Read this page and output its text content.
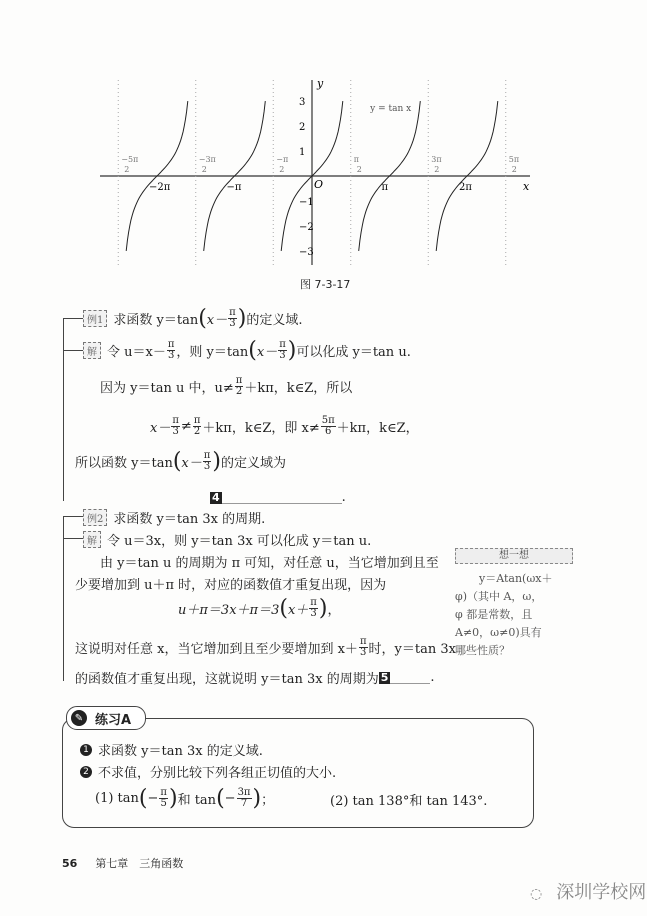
x
y
O
y = tan x
−2π	−π	π	2π
3
2
1
−1
−2
−3
−5π
2
−3π
2
−π
2
π
2
3π
2
5π
2
图 7-3-17
例1 求函数 y＝tan ( $x- \frac{\pi}{3}$ ) 的定义域.
解 令 $u=x- \frac{\pi}{3}$ ，则 y＝tan ( $x- \frac{\pi}{3}$ ) 可以化成 y＝tan u.
因为 y＝tan u 中，$u\ne \frac{\pi}{2} +k\pi$，k∈Z，所以
$x- \frac{\pi}{3} \ne \frac{\pi}{2} +k\pi$，k∈Z，即 $x\ne \frac{5\pi}{6} +k\pi$，k∈Z，
所以函数 y＝tan ( $x- \frac{\pi}{3}$ ) 的定义域为
4	.
例2 求函数 y＝tan 3x 的周期.
解 令 u＝3x，则 y＝tan 3x 可以化成 y＝tan u.
由 y＝tan u 的周期为 π 可知，对任意 u，当它增加到且至
少要增加到 u＋π 时，对应的函数值才重复出现，因为
u＋π＝3x＋π＝3 ( $x+ \frac{\pi}{3}$ ) ，
这说明对任意 x，当它增加到且至少要增加到 $x+ \frac{\pi}{3}$ 时，y＝tan 3x
的函数值才重复出现，这就说明 y＝tan 3x 的周期为 5	.
想一想
y＝Atan(ωx＋
φ)（其中 A，ω，
φ 都是常数，且
A≠0，ω≠0)具有
哪些性质？
✎ 练习A
1 求函数 y＝tan 3x 的定义域.
2 不求值，分别比较下列各组正切值的大小.
(1) tan ( − $\frac{\pi}{5}$ ) 和 tan ( − $\frac{3\pi}{7}$ ) ；	(2) tan 138°和 tan 143°.
56 第七章　三角函数
◌ 深圳学校网
